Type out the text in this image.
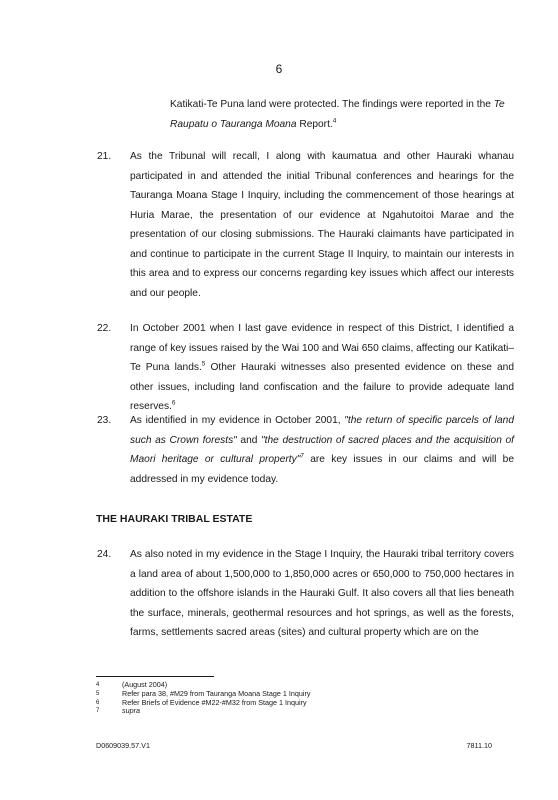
6
Katikati-Te Puna land were protected. The findings were reported in the Te Raupatu o Tauranga Moana Report.$^4$
21. As the Tribunal will recall, I along with kaumatua and other Hauraki whanau participated in and attended the initial Tribunal conferences and hearings for the Tauranga Moana Stage I Inquiry, including the commencement of those hearings at Huria Marae, the presentation of our evidence at Ngahutoitoi Marae and the presentation of our closing submissions. The Hauraki claimants have participated in and continue to participate in the current Stage II Inquiry, to maintain our interests in this area and to express our concerns regarding key issues which affect our interests and our people.
22. In October 2001 when I last gave evidence in respect of this District, I identified a range of key issues raised by the Wai 100 and Wai 650 claims, affecting our Katikati–Te Puna lands.$^5$ Other Hauraki witnesses also presented evidence on these and other issues, including land confiscation and the failure to provide adequate land reserves.$^6$
23. As identified in my evidence in October 2001, "the return of specific parcels of land such as Crown forests" and "the destruction of sacred places and the acquisition of Maori heritage or cultural property"$^7$ are key issues in our claims and will be addressed in my evidence today.
THE HAURAKI TRIBAL ESTATE
24. As also noted in my evidence in the Stage I Inquiry, the Hauraki tribal territory covers a land area of about 1,500,000 to 1,850,000 acres or 650,000 to 750,000 hectares in addition to the offshore islands in the Hauraki Gulf. It also covers all that lies beneath the surface, minerals, geothermal resources and hot springs, as well as the forests, farms, settlements sacred areas (sites) and cultural property which are on the
4	(August 2004)
5	Refer para 38, #M29 from Tauranga Moana Stage 1 Inquiry
6	Refer Briefs of Evidence #M22-#M32 from Stage 1 Inquiry
7	supra
D0609039.57.V1	7811.10
